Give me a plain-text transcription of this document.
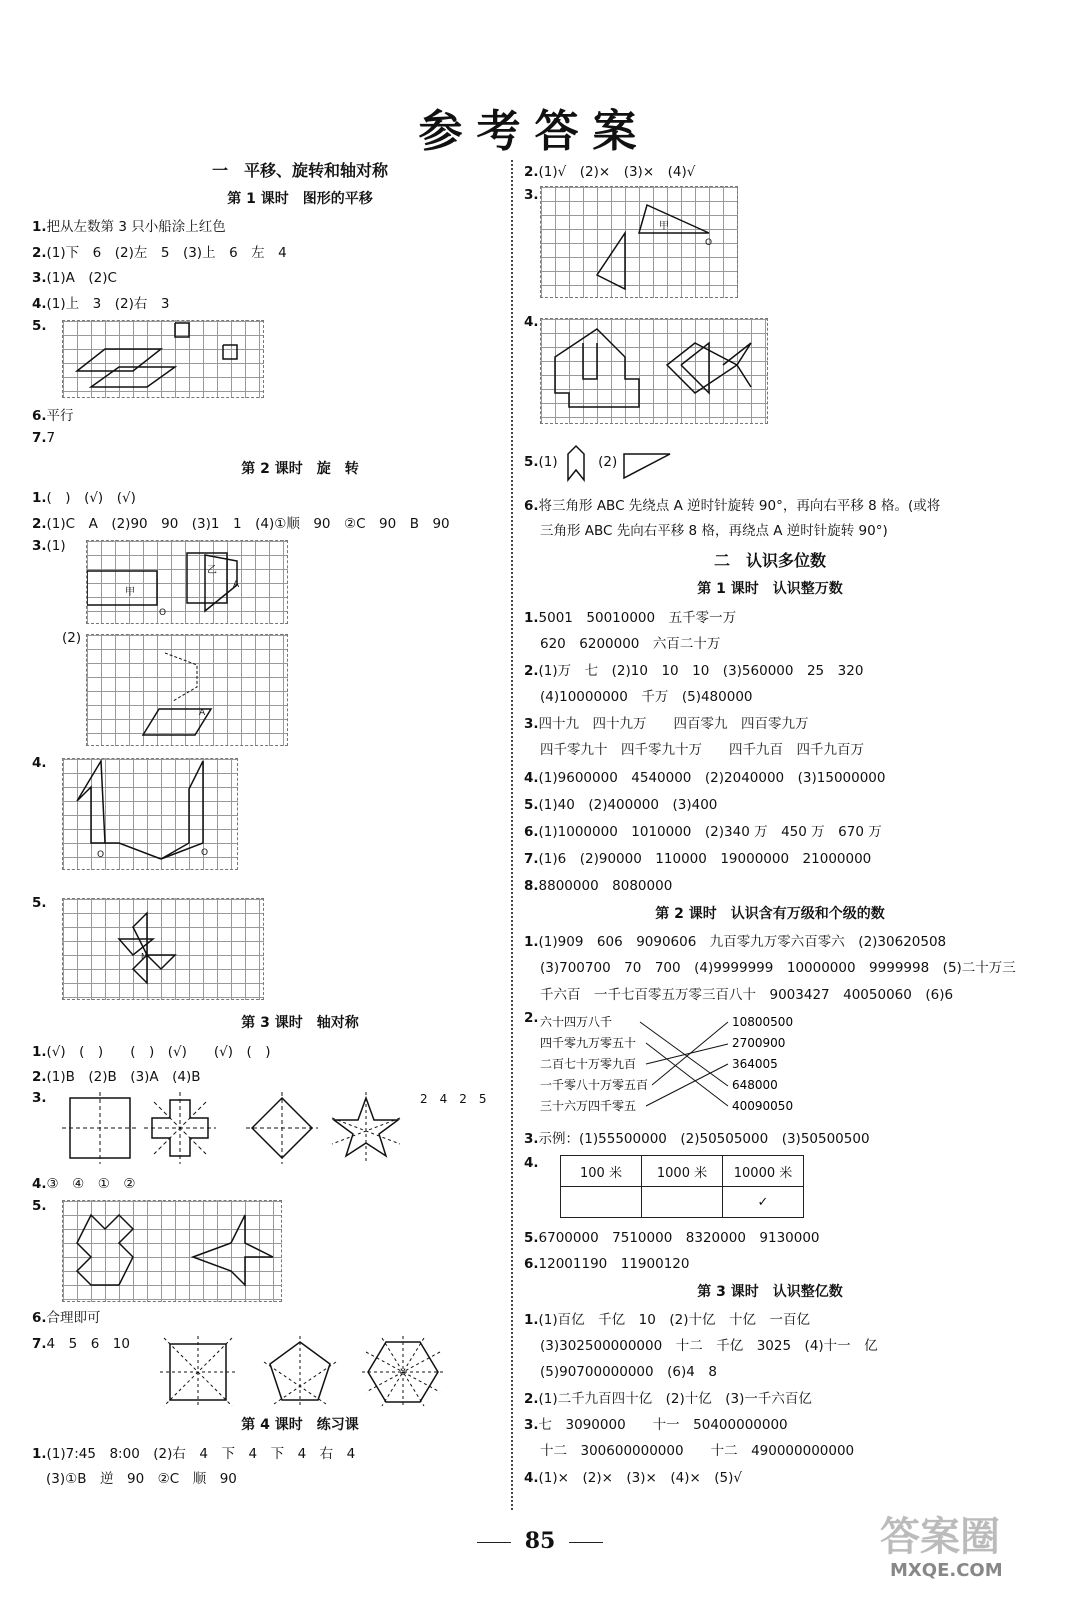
参考答案
一　平移、旋转和轴对称
第 1 课时　图形的平移
1.把从左数第 3 只小船涂上红色
2.(1)下　6　(2)左　5　(3)上　6　左　4
3.(1)A　(2)C
4.(1)上　3　(2)右　3
5.
6.平行
7.7
第 2 课时　旋　转
1.(　)　(√)　(√)
2.(1)C　A　(2)90　90　(3)1　1　(4)①顺　90　②C　90　B　90
3.(1)
甲
乙
A
O
(2)
A
4.
O	O
5.
M
第 3 课时　轴对称
1.(√)　(　)　　(　)　(√)　　(√)　(　)
2.(1)B　(2)B　(3)A　(4)B
3.	2　4　2　5
4.③　④　①　②
5.
6.合理即可
7.4　5　6　10
第 4 课时　练习课
1.(1)7:45　8:00　(2)右　4　下　4　下　4　右　4
(3)①B　逆　90　②C　顺　90
2.(1)√　(2)×　(3)×　(4)√
3.
甲
O
4.
5.(1)　　　(2)
6.将三角形 ABC 先绕点 A 逆时针旋转 90°，再向右平移 8 格。(或将
三角形 ABC 先向右平移 8 格，再绕点 A 逆时针旋转 90°)
二　认识多位数
第 1 课时　认识整万数
1.5001　50010000　五千零一万
620　6200000　六百二十万
2.(1)万　七　(2)10　10　10　(3)560000　25　320
(4)10000000　千万　(5)480000
3.四十九　四十九万　　四百零九　四百零九万
四千零九十　四千零九十万　　四千九百　四千九百万
4.(1)9600000　4540000　(2)2040000　(3)15000000
5.(1)40　(2)400000　(3)400
6.(1)1000000　1010000　(2)340 万　450 万　670 万
7.(1)6　(2)90000　110000　19000000　21000000
8.8800000　8080000
第 2 课时　认识含有万级和个级的数
1.(1)909　606　9090606　九百零九万零六百零六　(2)30620508
(3)700700　70　700　(4)9999999　10000000　9999998　(5)二十万三
千六百　一千七百零五万零三百八十　9003427　40050060　(6)6
2. 六十四万八千
四千零九万零五十
二百七十万零九百
一千零八十万零五百
三十六万四千零五
10800500
2700900
364005
648000
40090050
3.示例：(1)55500000　(2)50505000　(3)50500500
4.
100 米	1000 米	10000 米
		✓
5.6700000　7510000　8320000　9130000
6.12001190　11900120
第 3 课时　认识整亿数
1.(1)百亿　千亿　10　(2)十亿　十亿　一百亿
(3)302500000000　十二　千亿　3025　(4)十一　亿
(5)90700000000　(6)4　8
2.(1)二千九百四十亿　(2)十亿　(3)一千六百亿
3.七　3090000　　十一　50400000000
十二　300600000000　　十二　490000000000
4.(1)×　(2)×　(3)×　(4)×　(5)√
85	答案圈
MXQE.COM
